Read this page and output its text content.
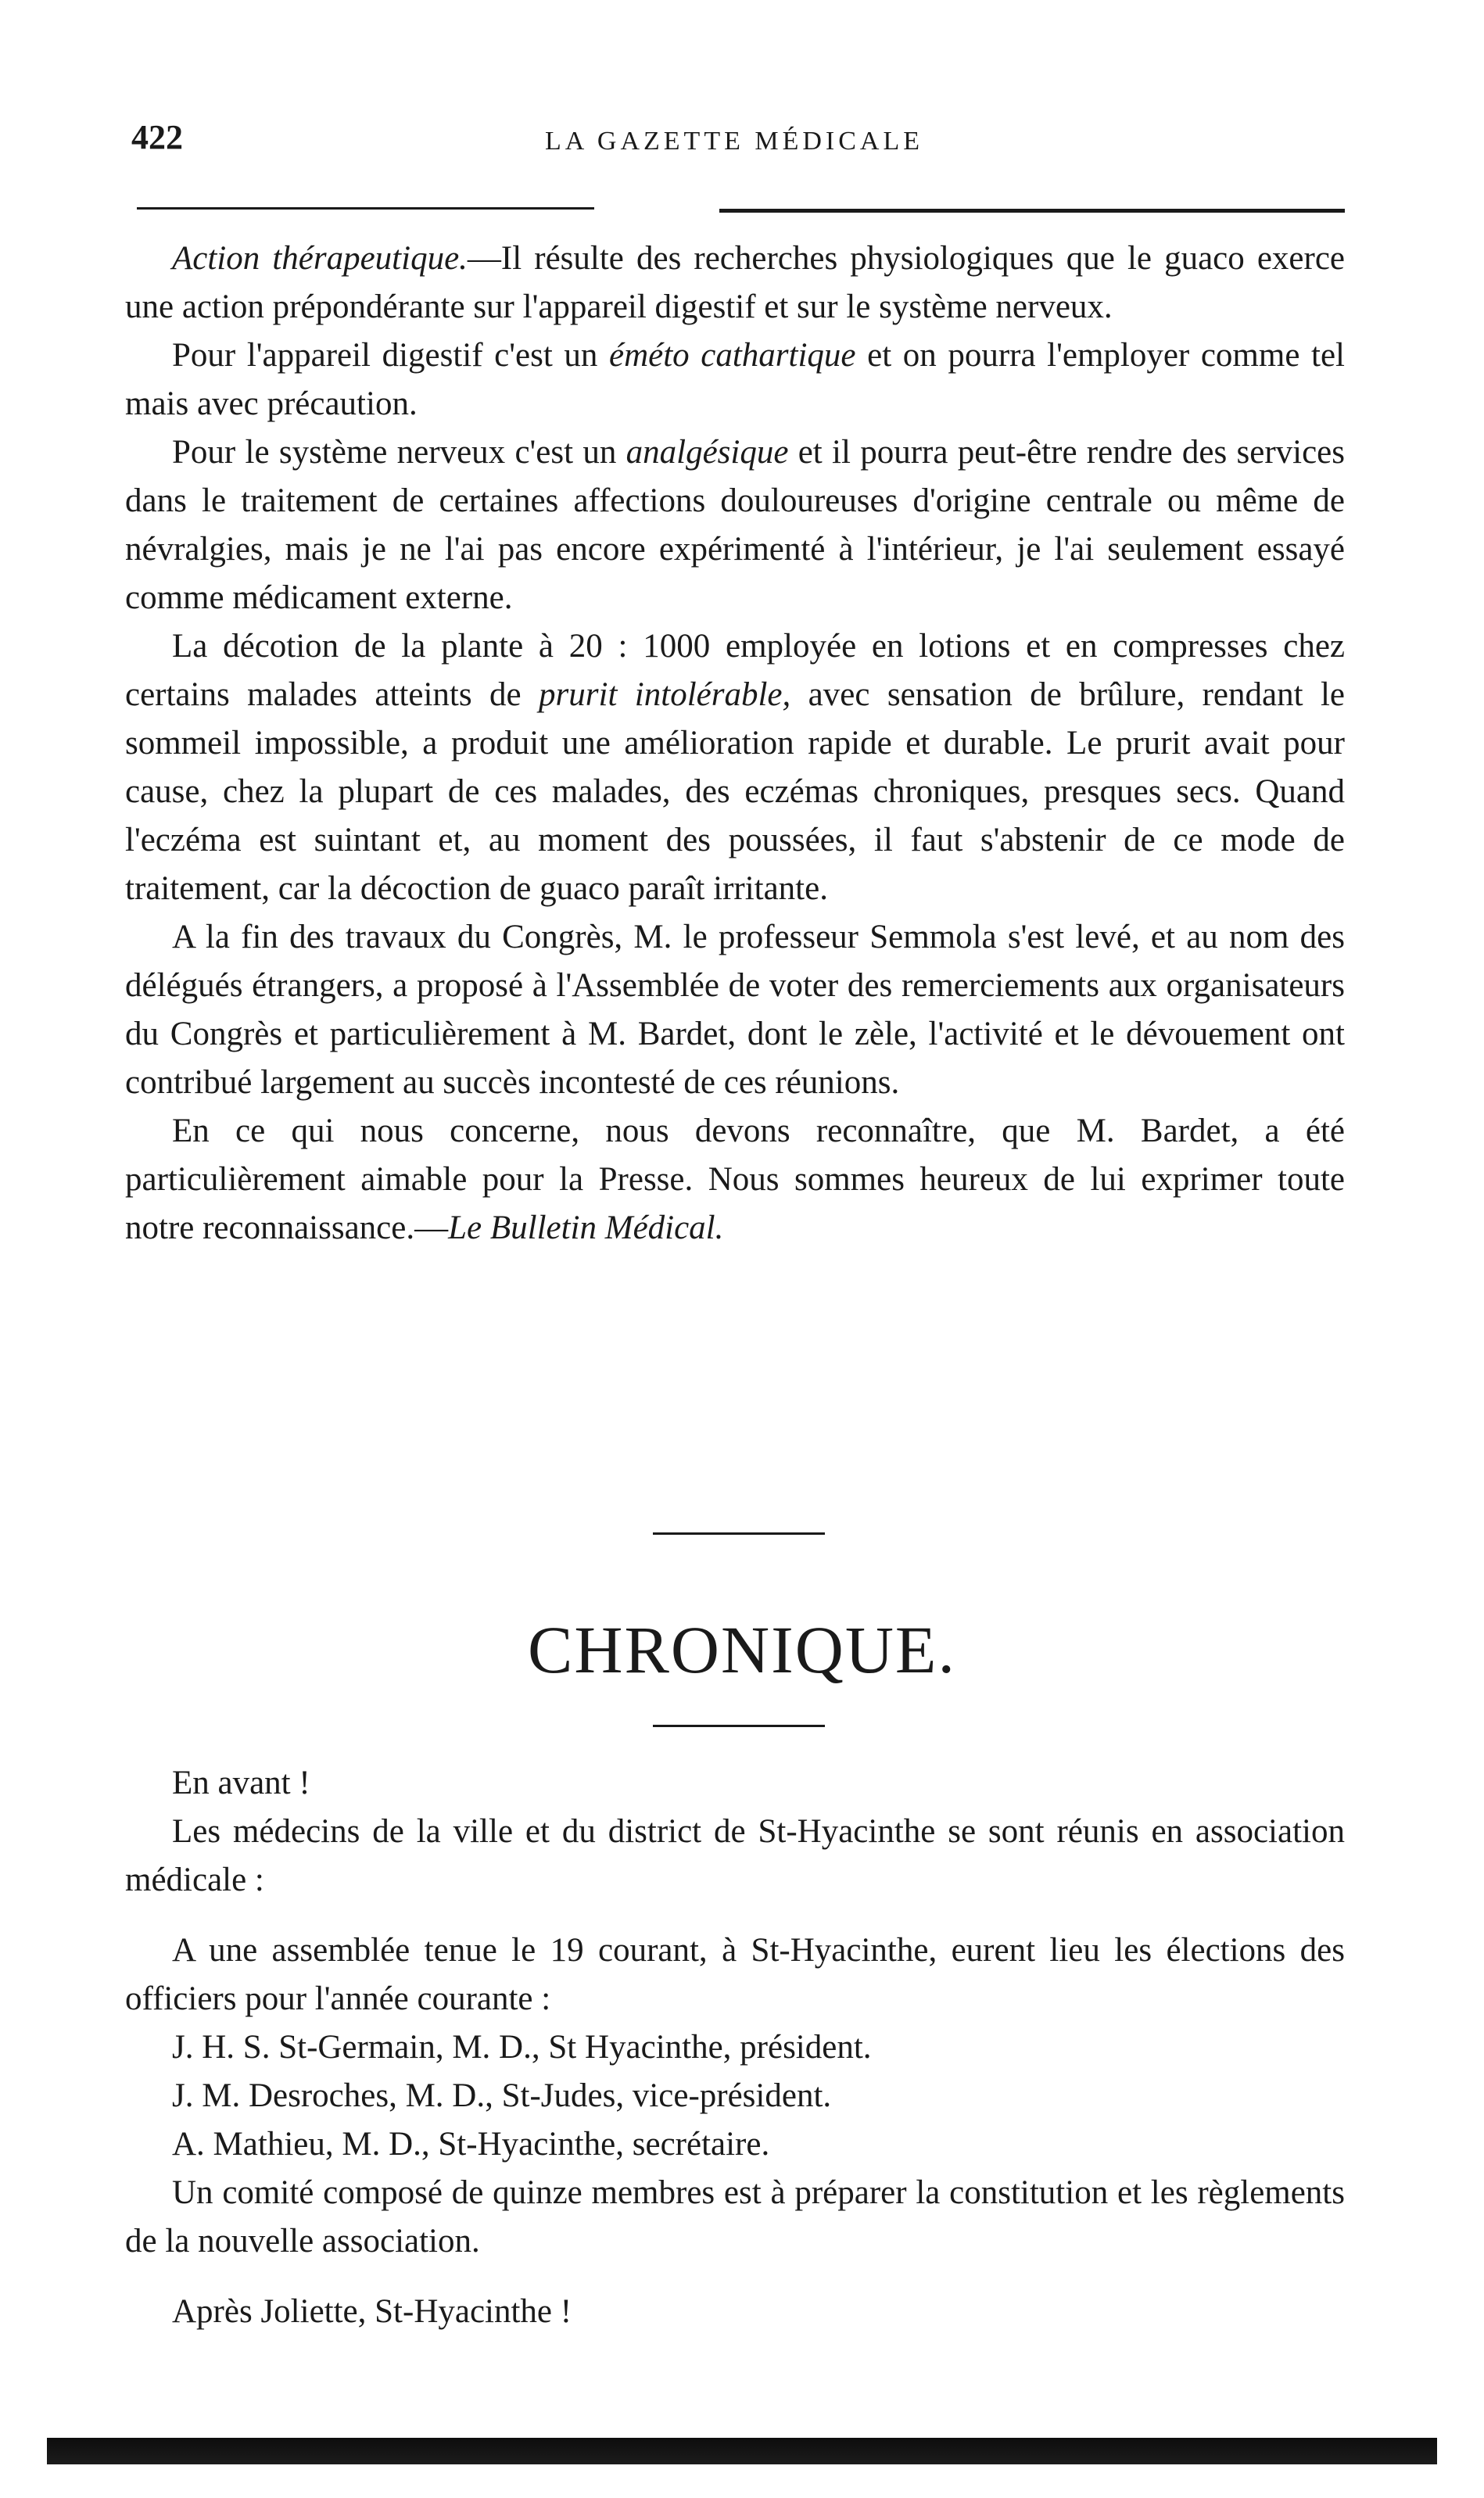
422	LA GAZETTE MÉDICALE

Action thérapeutique.—Il résulte des recherches physiologiques que le guaco exerce une action prépondérante sur l'appareil digestif et sur le système nerveux.

Pour l'appareil digestif c'est un éméto cathartique et on pourra l'employer comme tel mais avec précaution.

Pour le système nerveux c'est un analgésique et il pourra peut-être rendre des services dans le traitement de certaines affections douloureuses d'origine centrale ou même de névralgies, mais je ne l'ai pas encore expérimenté à l'intérieur, je l'ai seulement essayé comme médicament externe.

La décotion de la plante à 20 : 1000 employée en lotions et en compresses chez certains malades atteints de prurit intolérable, avec sensation de brûlure, rendant le sommeil impossible, a produit une amélioration rapide et durable. Le prurit avait pour cause, chez la plupart de ces malades, des eczémas chroniques, presques secs. Quand l'eczéma est suintant et, au moment des poussées, il faut s'abstenir de ce mode de traitement, car la décoction de guaco paraît irritante.

A la fin des travaux du Congrès, M. le professeur Semmola s'est levé, et au nom des délégués étrangers, a proposé à l'Assemblée de voter des remerciements aux organisateurs du Congrès et particulièrement à M. Bardet, dont le zèle, l'activité et le dévouement ont contribué largement au succès incontesté de ces réunions.

En ce qui nous concerne, nous devons reconnaître, que M. Bardet, a été particulièrement aimable pour la Presse. Nous sommes heureux de lui exprimer toute notre reconnaissance.—Le Bulletin Médical.

CHRONIQUE.

En avant !

Les médecins de la ville et du district de St-Hyacinthe se sont réunis en association médicale :

A une assemblée tenue le 19 courant, à St-Hyacinthe, eurent lieu les élections des officiers pour l'année courante :

J. H. S. St-Germain, M. D., St Hyacinthe, président.

J. M. Desroches, M. D., St-Judes, vice-président.

A. Mathieu, M. D., St-Hyacinthe, secrétaire.

Un comité composé de quinze membres est à préparer la constitution et les règlements de la nouvelle association.

Après Joliette, St-Hyacinthe !
